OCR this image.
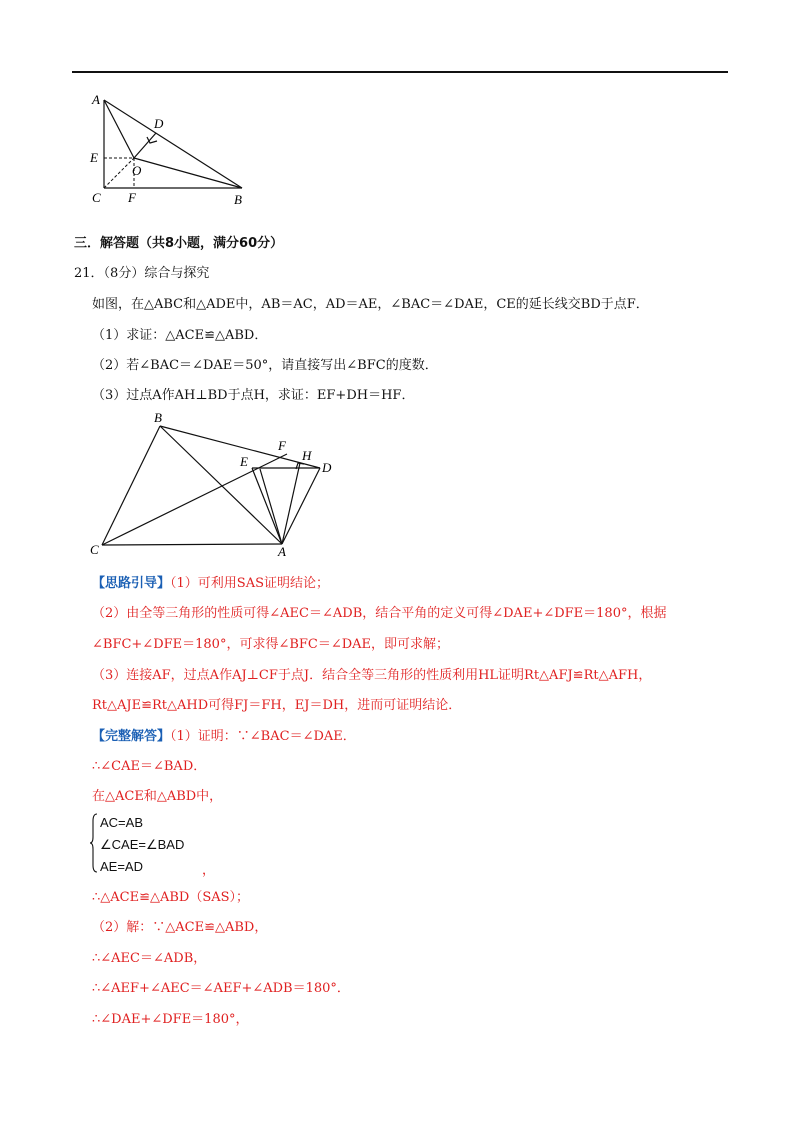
A
D
E
O
C F	B
三．解答题（共8小题，满分60分）
21．（8分）综合与探究
如图，在△ABC和△ADE中，AB＝AC，AD＝AE，∠BAC＝∠DAE，CE的延长线交BD于点F．
（1）求证：△ACE≌△ABD．
（2）若∠BAC＝∠DAE＝50°，请直接写出∠BFC的度数．
（3）过点A作AH⊥BD于点H，求证：EF+DH＝HF．
B
F
H
E	D
C	A
【思路引导】（1）可利用SAS证明结论；
（2）由全等三角形的性质可得∠AEC＝∠ADB，结合平角的定义可得∠DAE+∠DFE＝180°，根据
∠BFC+∠DFE＝180°，可求得∠BFC＝∠DAE，即可求解；
（3）连接AF，过点A作AJ⊥CF于点J．结合全等三角形的性质利用HL证明Rt△AFJ≌Rt△AFH，
Rt△AJE≌Rt△AHD可得FJ＝FH，EJ＝DH，进而可证明结论．
【完整解答】（1）证明：∵∠BAC＝∠DAE．
∴∠CAE＝∠BAD．
在△ACE和△ABD中，
AC=AB
∠CAE=∠BAD
AE=AD	，
∴△ACE≌△ABD（SAS）；
（2）解：∵△ACE≌△ABD，
∴∠AEC＝∠ADB，
∴∠AEF+∠AEC＝∠AEF+∠ADB＝180°．
∴∠DAE+∠DFE＝180°，
